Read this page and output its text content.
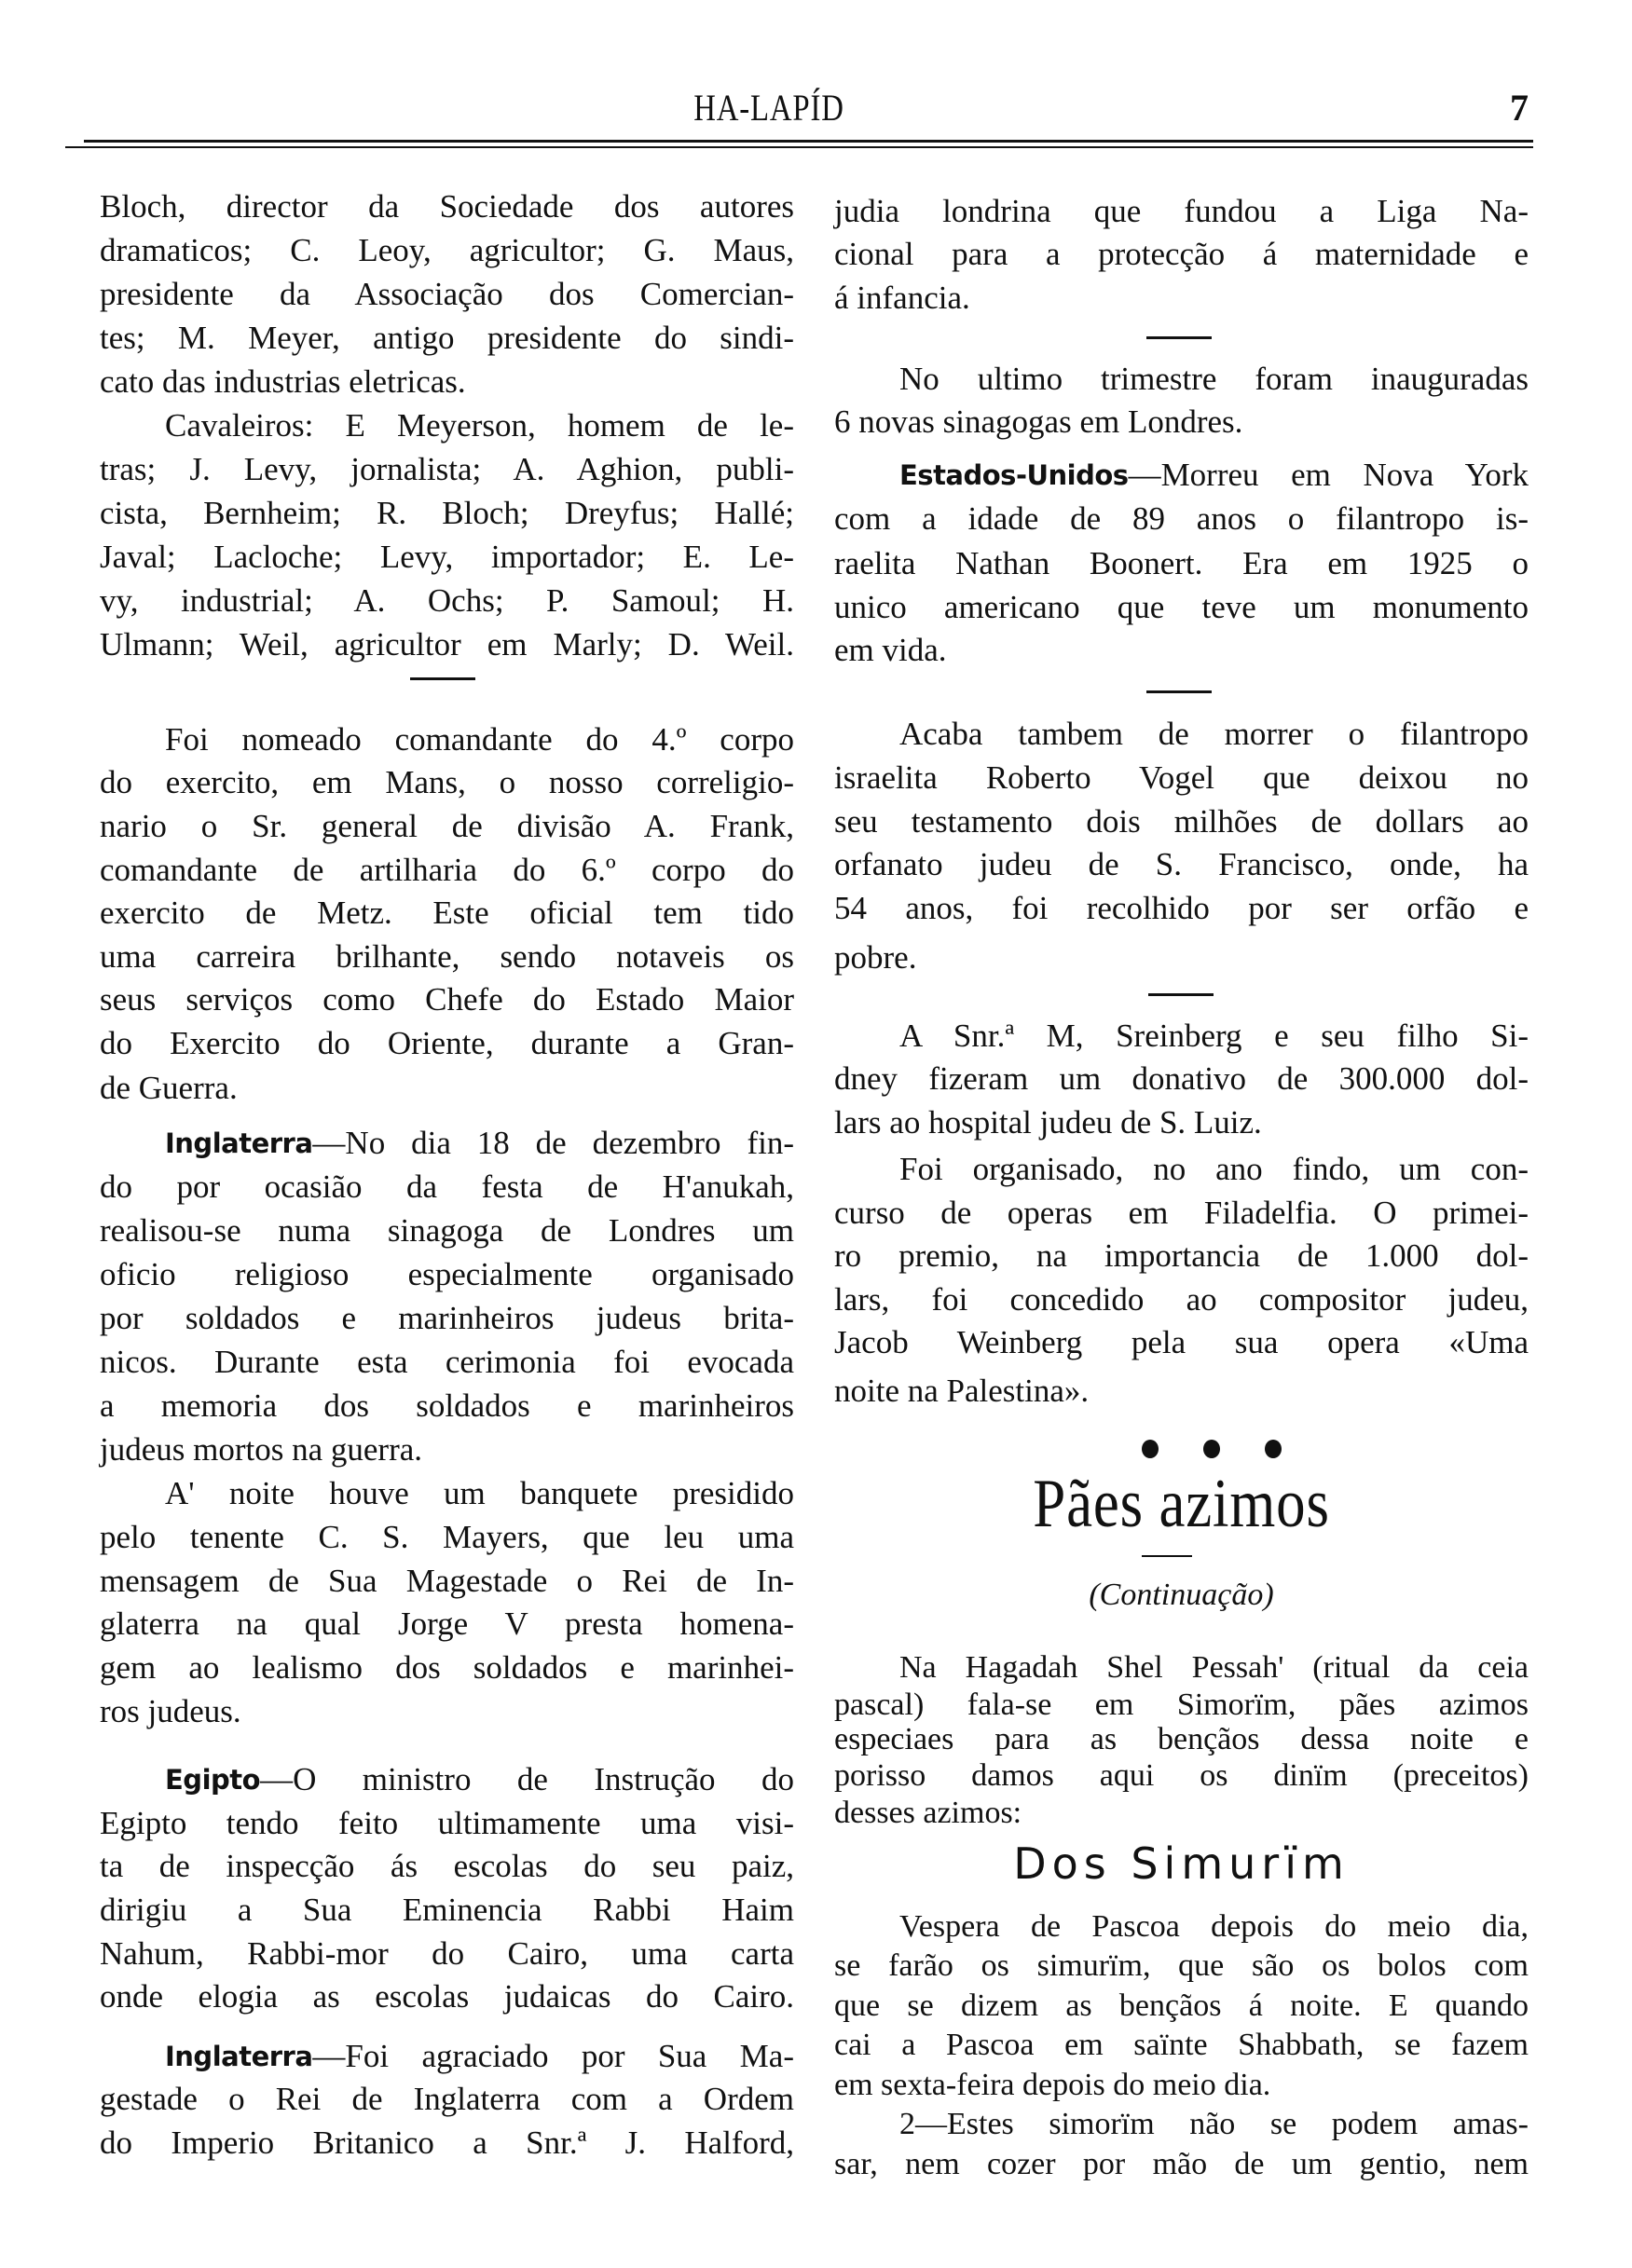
HA-LAPÍD	7
Bloch, director da Sociedade dos autores
dramaticos; C. Leoy, agricultor; G. Maus,
presidente da Associação dos Comercian-
tes; M. Meyer, antigo presidente do sindi-
cato das industrias eletricas.
Cavaleiros: E Meyerson, homem de le-
tras; J. Levy, jornalista; A. Aghion, publi-
cista, Bernheim; R. Bloch; Dreyfus; Hallé;
Javal; Lacloche; Levy, importador; E. Le-
vy, industrial; A. Ochs; P. Samoul; H.
Ulmann; Weil, agricultor em Marly; D. Weil.
Foi nomeado comandante do 4.º corpo
do exercito, em Mans, o nosso correligio-
nario o Sr. general de divisão A. Frank,
comandante de artilharia do 6.º corpo do
exercito de Metz. Este oficial tem tido
uma carreira brilhante, sendo notaveis os
seus serviços como Chefe do Estado Maior
do Exercito do Oriente, durante a Gran-
de Guerra.
Inglaterra —No dia 18 de dezembro fin-
do por ocasião da festa de H'anukah,
realisou-se numa sinagoga de Londres um
oficio religioso especialmente organisado
por soldados e marinheiros judeus brita-
nicos. Durante esta cerimonia foi evocada
a memoria dos soldados e marinheiros
judeus mortos na guerra.
A' noite houve um banquete presidido
pelo tenente C. S. Mayers, que leu uma
mensagem de Sua Magestade o Rei de In-
glaterra na qual Jorge V presta homena-
gem ao lealismo dos soldados e marinhei-
ros judeus.
Egipto —O ministro de Instrução do
Egipto tendo feito ultimamente uma visi-
ta de inspecção ás escolas do seu paiz,
dirigiu a Sua Eminencia Rabbi Haim
Nahum, Rabbi-mor do Cairo, uma carta
onde elogia as escolas judaicas do Cairo.
Inglaterra —Foi agraciado por Sua Ma-
gestade o Rei de Inglaterra com a Ordem
do Imperio Britanico a Snr.ª J. Halford,
judia londrina que fundou a Liga Na-
cional para a protecção á maternidade e
á infancia.
No ultimo trimestre foram inauguradas
6 novas sinagogas em Londres.
Estados-Unidos —Morreu em Nova York
com a idade de 89 anos o filantropo is-
raelita Nathan Boonert. Era em 1925 o
unico americano que teve um monumento
em vida.
Acaba tambem de morrer o filantropo
israelita Roberto Vogel que deixou no
seu testamento dois milhões de dollars ao
orfanato judeu de S. Francisco, onde, ha
54 anos, foi recolhido por ser orfão e
pobre.
A Snr.ª M, Sreinberg e seu filho Si-
dney fizeram um donativo de 300.000 dol-
lars ao hospital judeu de S. Luiz.
Foi organisado, no ano findo, um con-
curso de operas em Filadelfia. O primei-
ro premio, na importancia de 1.000 dol-
lars, foi concedido ao compositor judeu,
Jacob Weinberg pela sua opera «Uma
noite na Palestina».
Pães azimos
(Continuação)
Na Hagadah Shel Pessah' (ritual da ceia
pascal) fala-se em Simorïm, pães azimos
especiaes para as bençãos dessa noite e
porisso damos aqui os dinïm (preceitos)
desses azimos:
Dos Simurïm
Vespera de Pascoa depois do meio dia,
se farão os simurïm, que são os bolos com
que se dizem as bençãos á noite. E quando
cai a Pascoa em saïnte Shabbath, se fazem
em sexta-feira depois do meio dia.
2—Estes simorïm não se podem amas-
sar, nem cozer por mão de um gentio, nem
